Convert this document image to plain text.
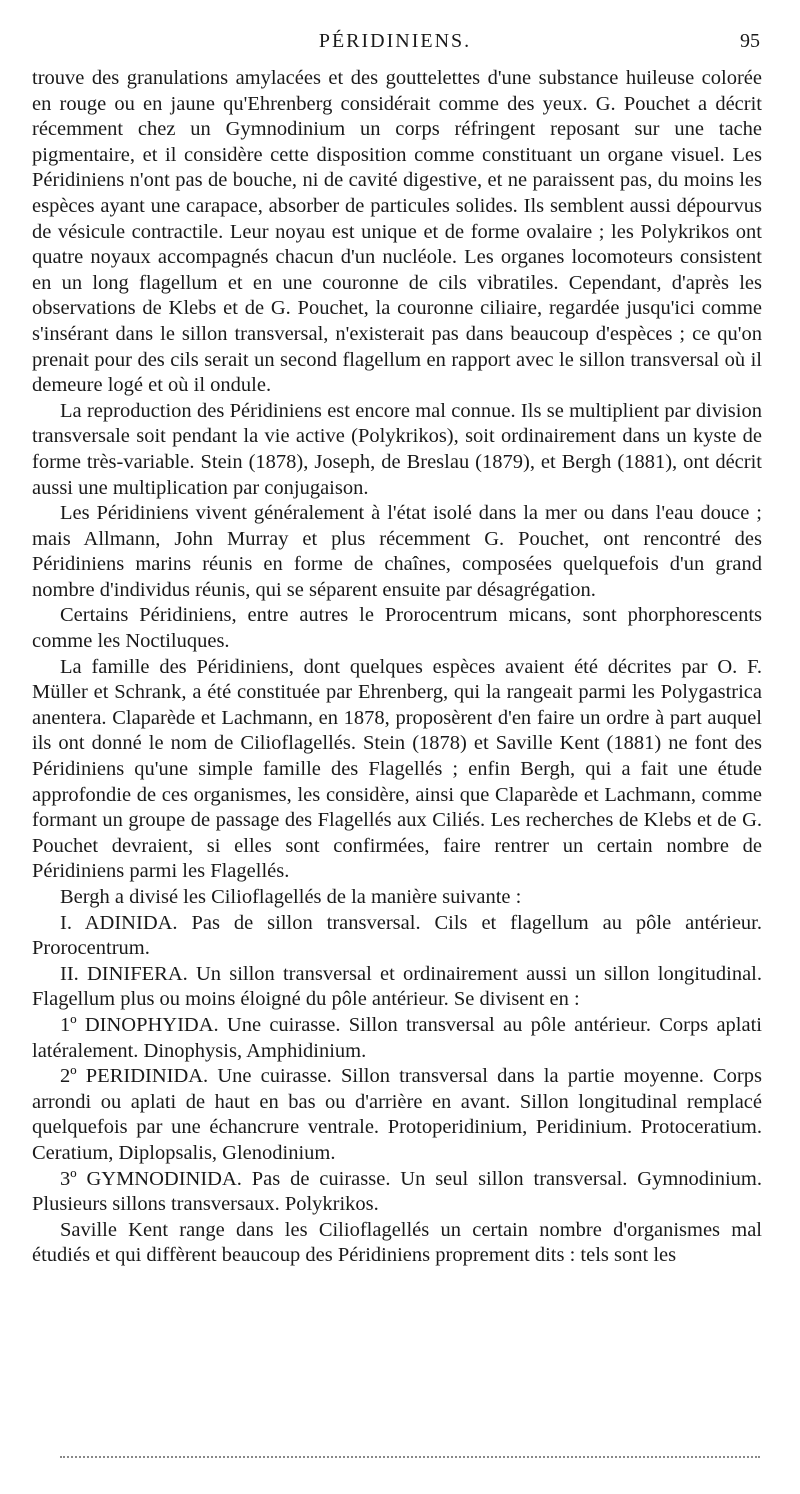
PÉRIDINIENS.	95

trouve des granulations amylacées et des gouttelettes d'une substance huileuse colorée en rouge ou en jaune qu'Ehrenberg considérait comme des yeux. G. Pouchet a décrit récemment chez un Gymnodinium un corps réfringent reposant sur une tache pigmentaire, et il considère cette disposition comme constituant un organe visuel. Les Péridiniens n'ont pas de bouche, ni de cavité digestive, et ne paraissent pas, du moins les espèces ayant une carapace, absorber de particules solides. Ils semblent aussi dépourvus de vésicule contractile. Leur noyau est unique et de forme ovalaire ; les Polykrikos ont quatre noyaux accompagnés chacun d'un nucléole. Les organes locomoteurs consistent en un long flagellum et en une couronne de cils vibratiles. Cependant, d'après les observations de Klebs et de G. Pouchet, la couronne ciliaire, regardée jusqu'ici comme s'insérant dans le sillon transversal, n'existerait pas dans beaucoup d'espèces ; ce qu'on prenait pour des cils serait un second flagellum en rapport avec le sillon transversal où il demeure logé et où il ondule.

La reproduction des Péridiniens est encore mal connue. Ils se multiplient par division transversale soit pendant la vie active (Polykrikos), soit ordinairement dans un kyste de forme très-variable. Stein (1878), Joseph, de Breslau (1879), et Bergh (1881), ont décrit aussi une multiplication par conjugaison.

Les Péridiniens vivent généralement à l'état isolé dans la mer ou dans l'eau douce ; mais Allmann, John Murray et plus récemment G. Pouchet, ont rencontré des Péridiniens marins réunis en forme de chaînes, composées quelquefois d'un grand nombre d'individus réunis, qui se séparent ensuite par désagrégation.

Certains Péridiniens, entre autres le Prorocentrum micans, sont phorphorescents comme les Noctiluques.

La famille des Péridiniens, dont quelques espèces avaient été décrites par O. F. Müller et Schrank, a été constituée par Ehrenberg, qui la rangeait parmi les Polygastrica anentera. Claparède et Lachmann, en 1878, proposèrent d'en faire un ordre à part auquel ils ont donné le nom de Cilioflagellés. Stein (1878) et Saville Kent (1881) ne font des Péridiniens qu'une simple famille des Flagellés ; enfin Bergh, qui a fait une étude approfondie de ces organismes, les considère, ainsi que Claparède et Lachmann, comme formant un groupe de passage des Flagellés aux Ciliés. Les recherches de Klebs et de G. Pouchet devraient, si elles sont confirmées, faire rentrer un certain nombre de Péridiniens parmi les Flagellés.

Bergh a divisé les Cilioflagellés de la manière suivante :

I. ADINIDA. Pas de sillon transversal. Cils et flagellum au pôle antérieur. Prorocentrum.

II. DINIFERA. Un sillon transversal et ordinairement aussi un sillon longitudinal. Flagellum plus ou moins éloigné du pôle antérieur. Se divisent en :

1º DINOPHYIDA. Une cuirasse. Sillon transversal au pôle antérieur. Corps aplati latéralement. Dinophysis, Amphidinium.

2º PERIDINIDA. Une cuirasse. Sillon transversal dans la partie moyenne. Corps arrondi ou aplati de haut en bas ou d'arrière en avant. Sillon longitudinal remplacé quelquefois par une échancrure ventrale. Protoperidinium, Peridinium. Protoceratium. Ceratium, Diplopsalis, Glenodinium.

3º GYMNODINIDA. Pas de cuirasse. Un seul sillon transversal. Gymnodinium. Plusieurs sillons transversaux. Polykrikos.

Saville Kent range dans les Cilioflagellés un certain nombre d'organismes mal étudiés et qui diffèrent beaucoup des Péridiniens proprement dits : tels sont les
